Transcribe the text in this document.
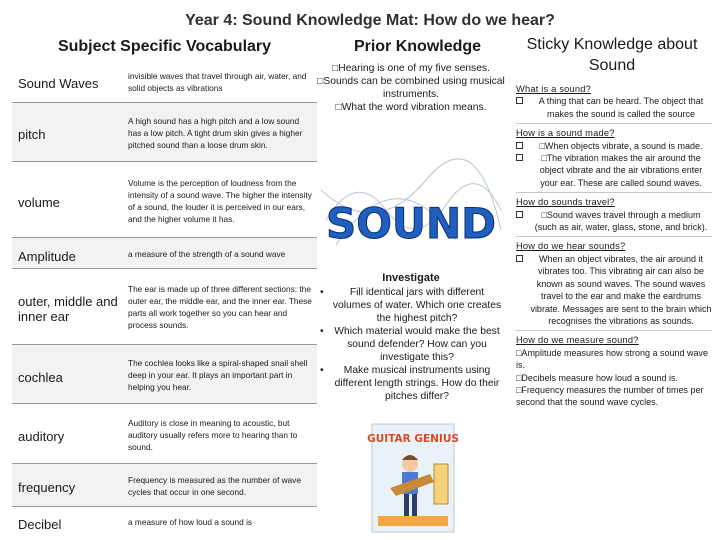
Year 4: Sound Knowledge Mat: How do we hear?
Subject Specific Vocabulary	Prior Knowledge	Sticky Knowledge about Sound
Sound Waves	invisible waves that travel through air, water, and solid objects as vibrations
pitch	A high sound has a high pitch and a low sound has a low pitch. A tight drum skin gives a higher pitched sound than a loose drum skin.
volume	Volume is the perception of loudness from the intensity of a sound wave. The higher the intensity of a sound, the louder it is perceived in our ears, and the higher volume it has.
Amplitude	a measure of the strength of a sound wave
outer, middle and inner ear	The ear is made up of three different sections: the outer ear, the middle ear, and the inner ear. These parts all work together so you can hear and process sounds.
cochlea	The cochlea looks like a spiral-shaped snail shell deep in your ear. It plays an important part in helping you hear.
auditory	Auditory is close in meaning to acoustic, but auditory usually refers more to hearing than to sound.
frequency	Frequency is measured as the number of wave cycles that occur in one second.
Decibel	a measure of how loud a sound is

□Hearing is one of my five senses.

□Sounds can be combined using musical instruments.

□What the word vibration means.

SOUND
Investigate
• Fill identical jars with different volumes of water. Which one creates the highest pitch?
• Which material would make the best sound defender? How can you investigate this?
• Make musical instruments using different length strings. How do their pitches differ?
GUITAR GENIUS
What is a sound?
A thing that can be heard. The object that makes the sound is called the source
How is a sound made?
□When objects vibrate, a sound is made.
□The vibration makes the air around the object vibrate and the air vibrations enter your ear. These are called sound waves.
How do sounds travel?
□Sound waves travel through a medium (such as air, water, glass, stone, and brick).
How do we hear sounds?
When an object vibrates, the air around it vibrates too. This vibrating air can also be known as sound waves. The sound waves travel to the ear and make the eardrums vibrate. Messages are sent to the brain which recognises the vibrations as sounds.
How do we measure sound?
□Amplitude measures how strong a sound wave is.
□Decibels measure how loud a sound is.
□Frequency measures the number of times per second that the sound wave cycles.
